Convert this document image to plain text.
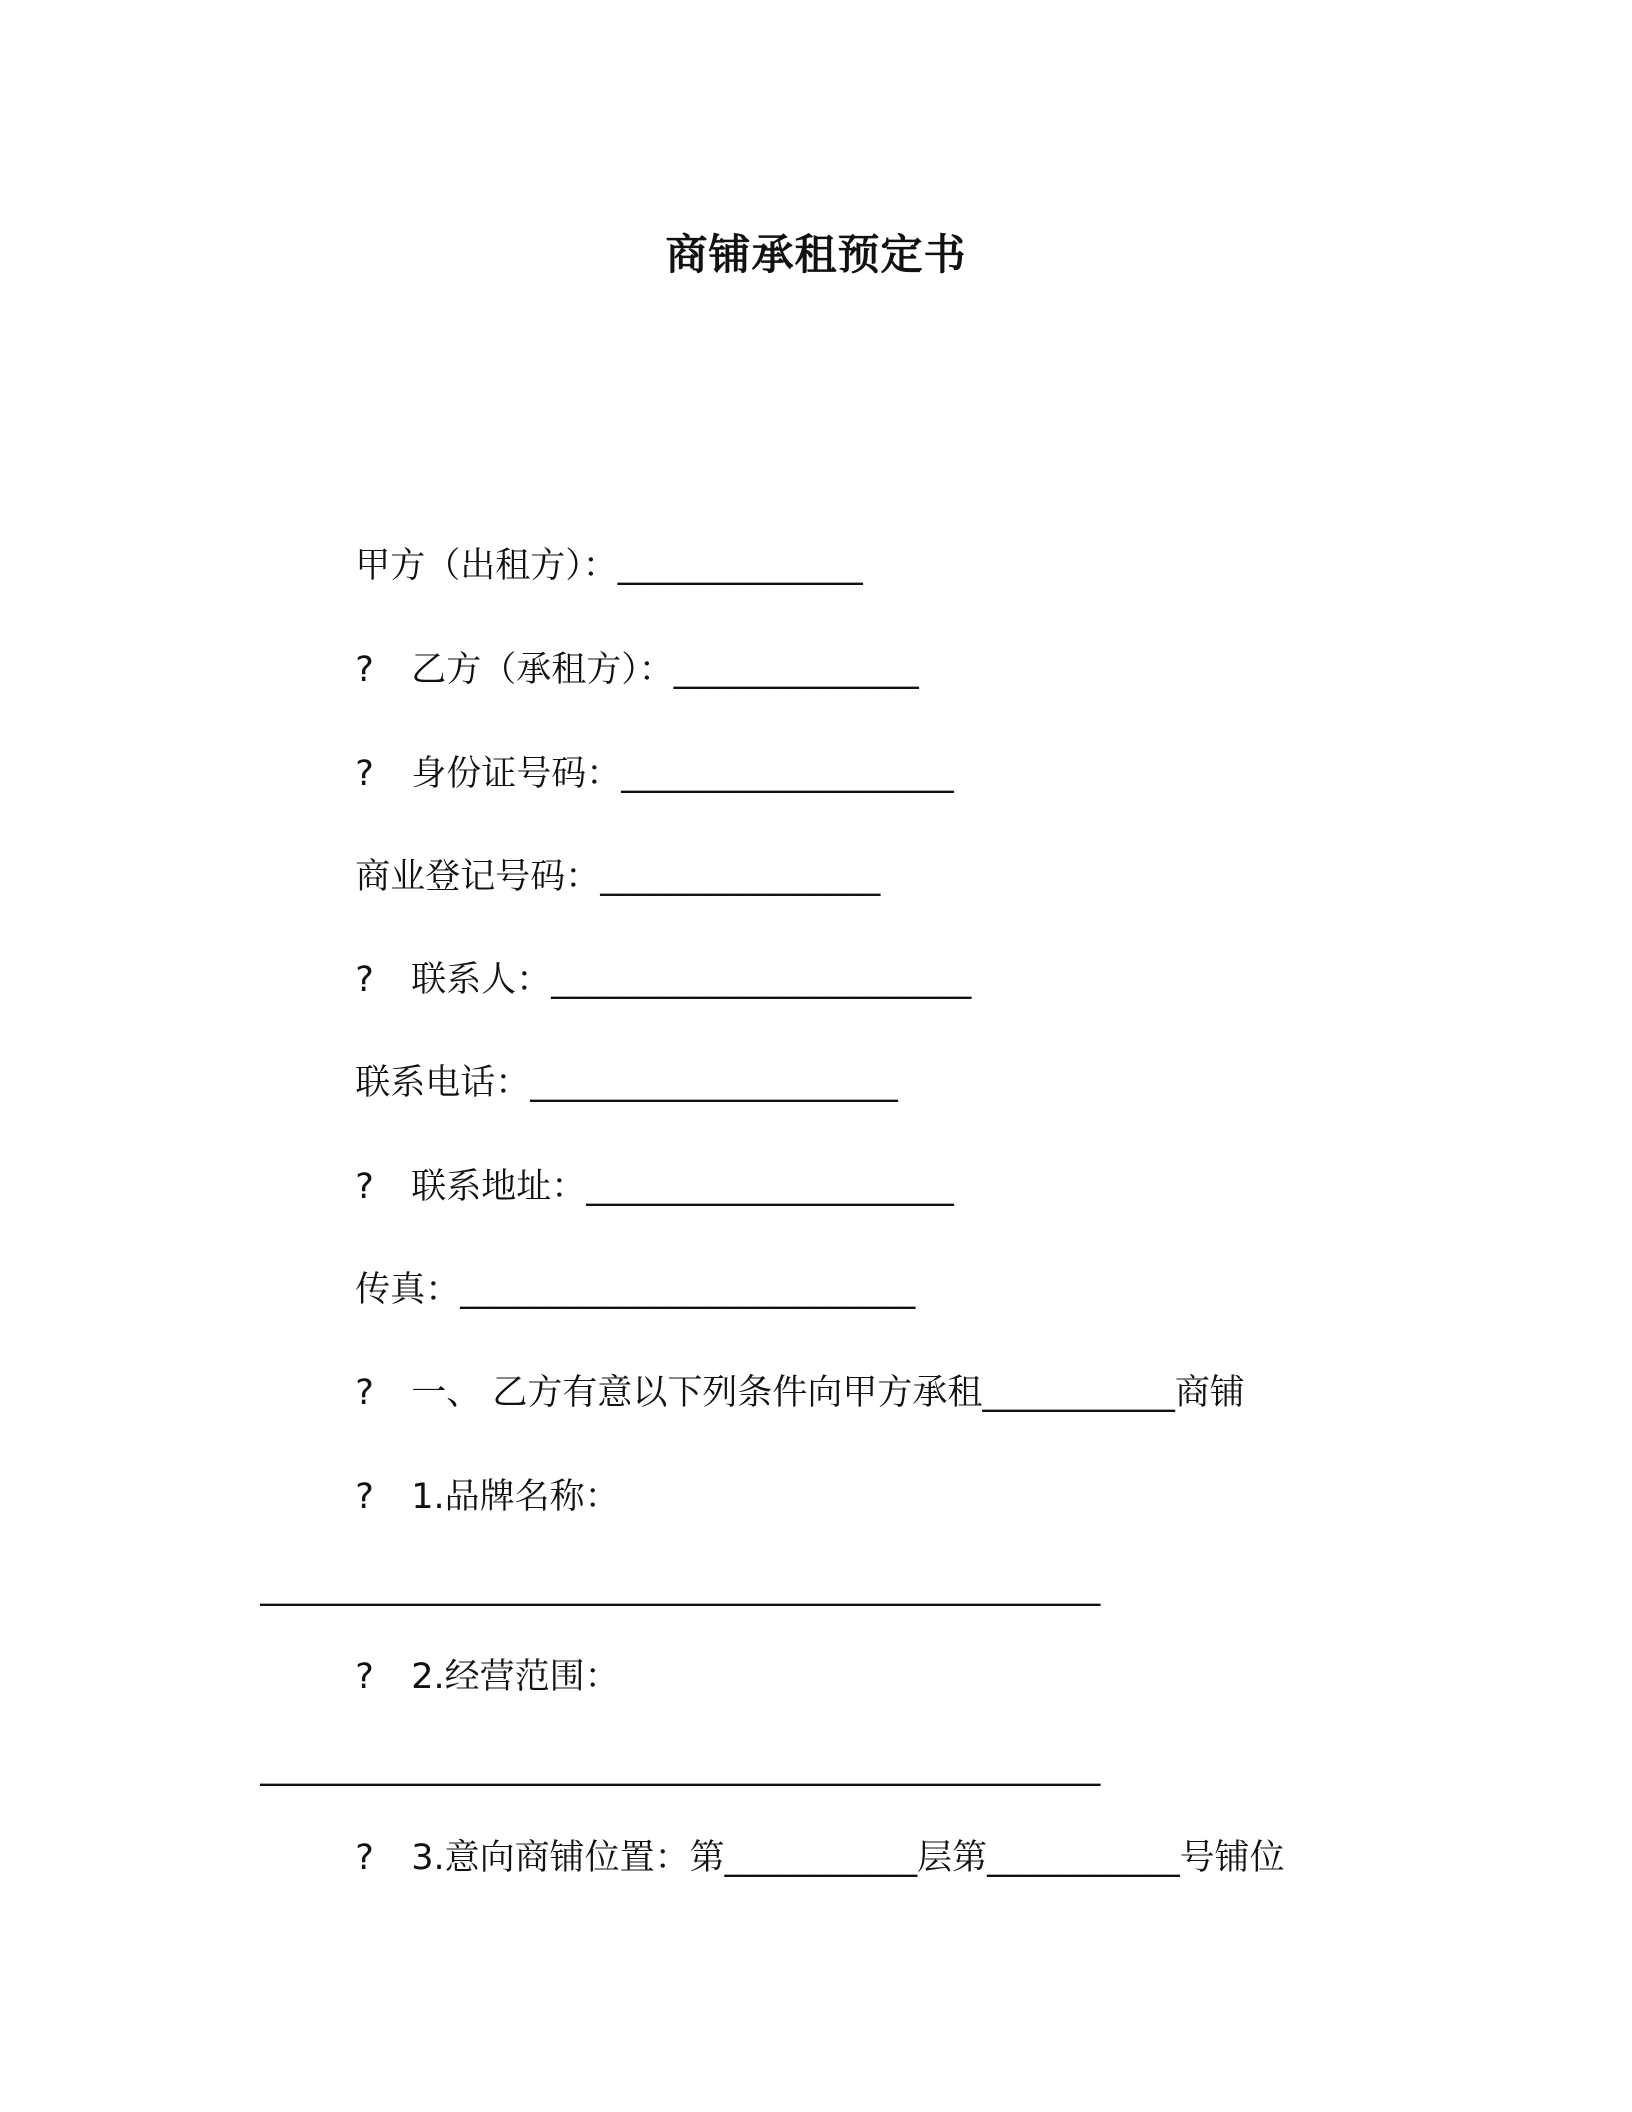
商铺承租预定书

甲方（出租方）：______________

? 乙方（承租方）：______________

? 身份证号码：___________________

商业登记号码：________________

? 联系人：________________________

联系电话：_____________________

? 联系地址：_____________________

传真：__________________________

? 一、 乙方有意以下列条件向甲方承租___________商铺

? 1.品牌名称：

________________________________________________

? 2.经营范围：

________________________________________________

? 3.意向商铺位置：第___________层第___________号铺位
